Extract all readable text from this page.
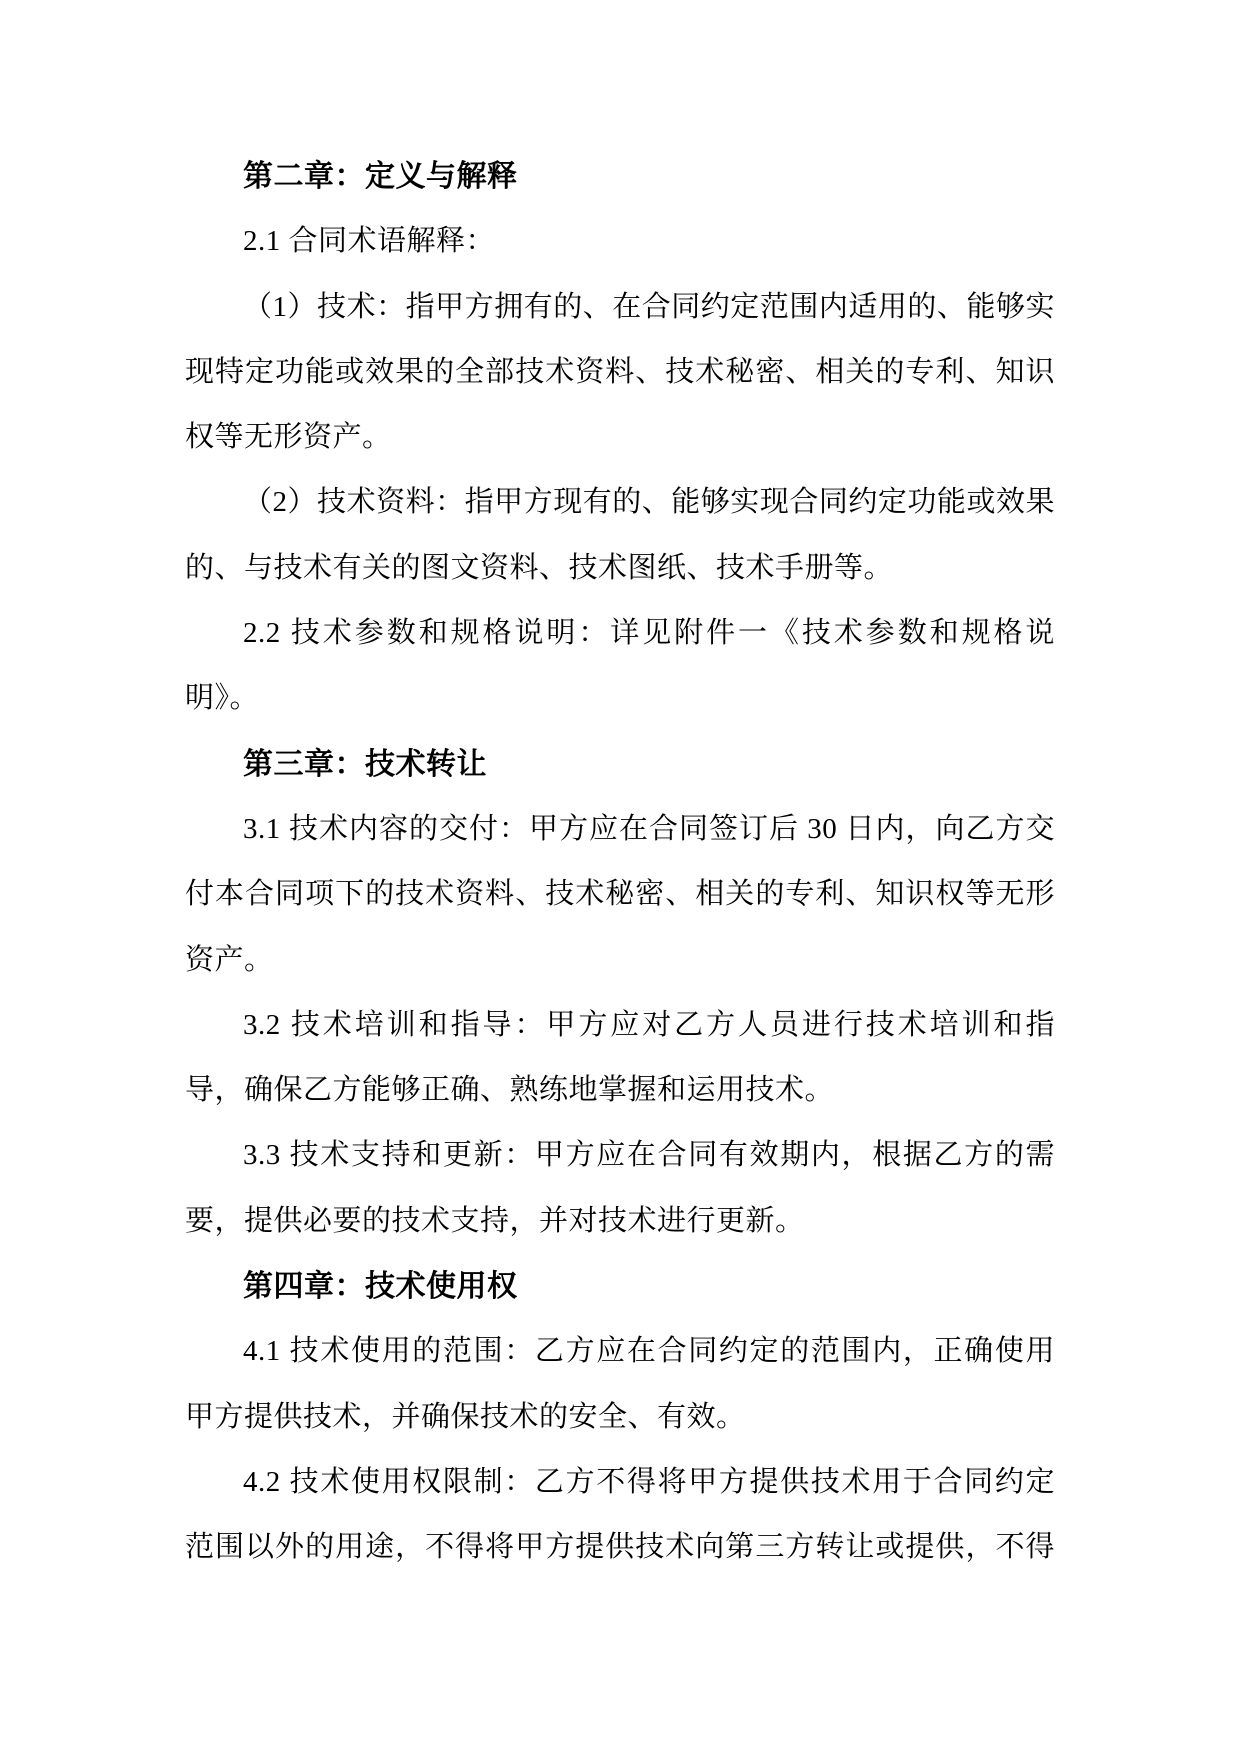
第二章：定义与解释
2.1 合同术语解释：
（1）技术：指甲方拥有的、在合同约定范围内适用的、能够实
现特定功能或效果的全部技术资料、技术秘密、相关的专利、知识
权等无形资产。
（2）技术资料：指甲方现有的、能够实现合同约定功能或效果
的、与技术有关的图文资料、技术图纸、技术手册等。
2.2 技术参数和规格说明：详见附件一《技术参数和规格说
明》。
第三章：技术转让
3.1 技术内容的交付：甲方应在合同签订后 30 日内，向乙方交
付本合同项下的技术资料、技术秘密、相关的专利、知识权等无形
资产。
3.2 技术培训和指导：甲方应对乙方人员进行技术培训和指
导，确保乙方能够正确、熟练地掌握和运用技术。
3.3 技术支持和更新：甲方应在合同有效期内，根据乙方的需
要，提供必要的技术支持，并对技术进行更新。
第四章：技术使用权
4.1 技术使用的范围：乙方应在合同约定的范围内，正确使用
甲方提供技术，并确保技术的安全、有效。
4.2 技术使用权限制：乙方不得将甲方提供技术用于合同约定
范围以外的用途，不得将甲方提供技术向第三方转让或提供，不得
